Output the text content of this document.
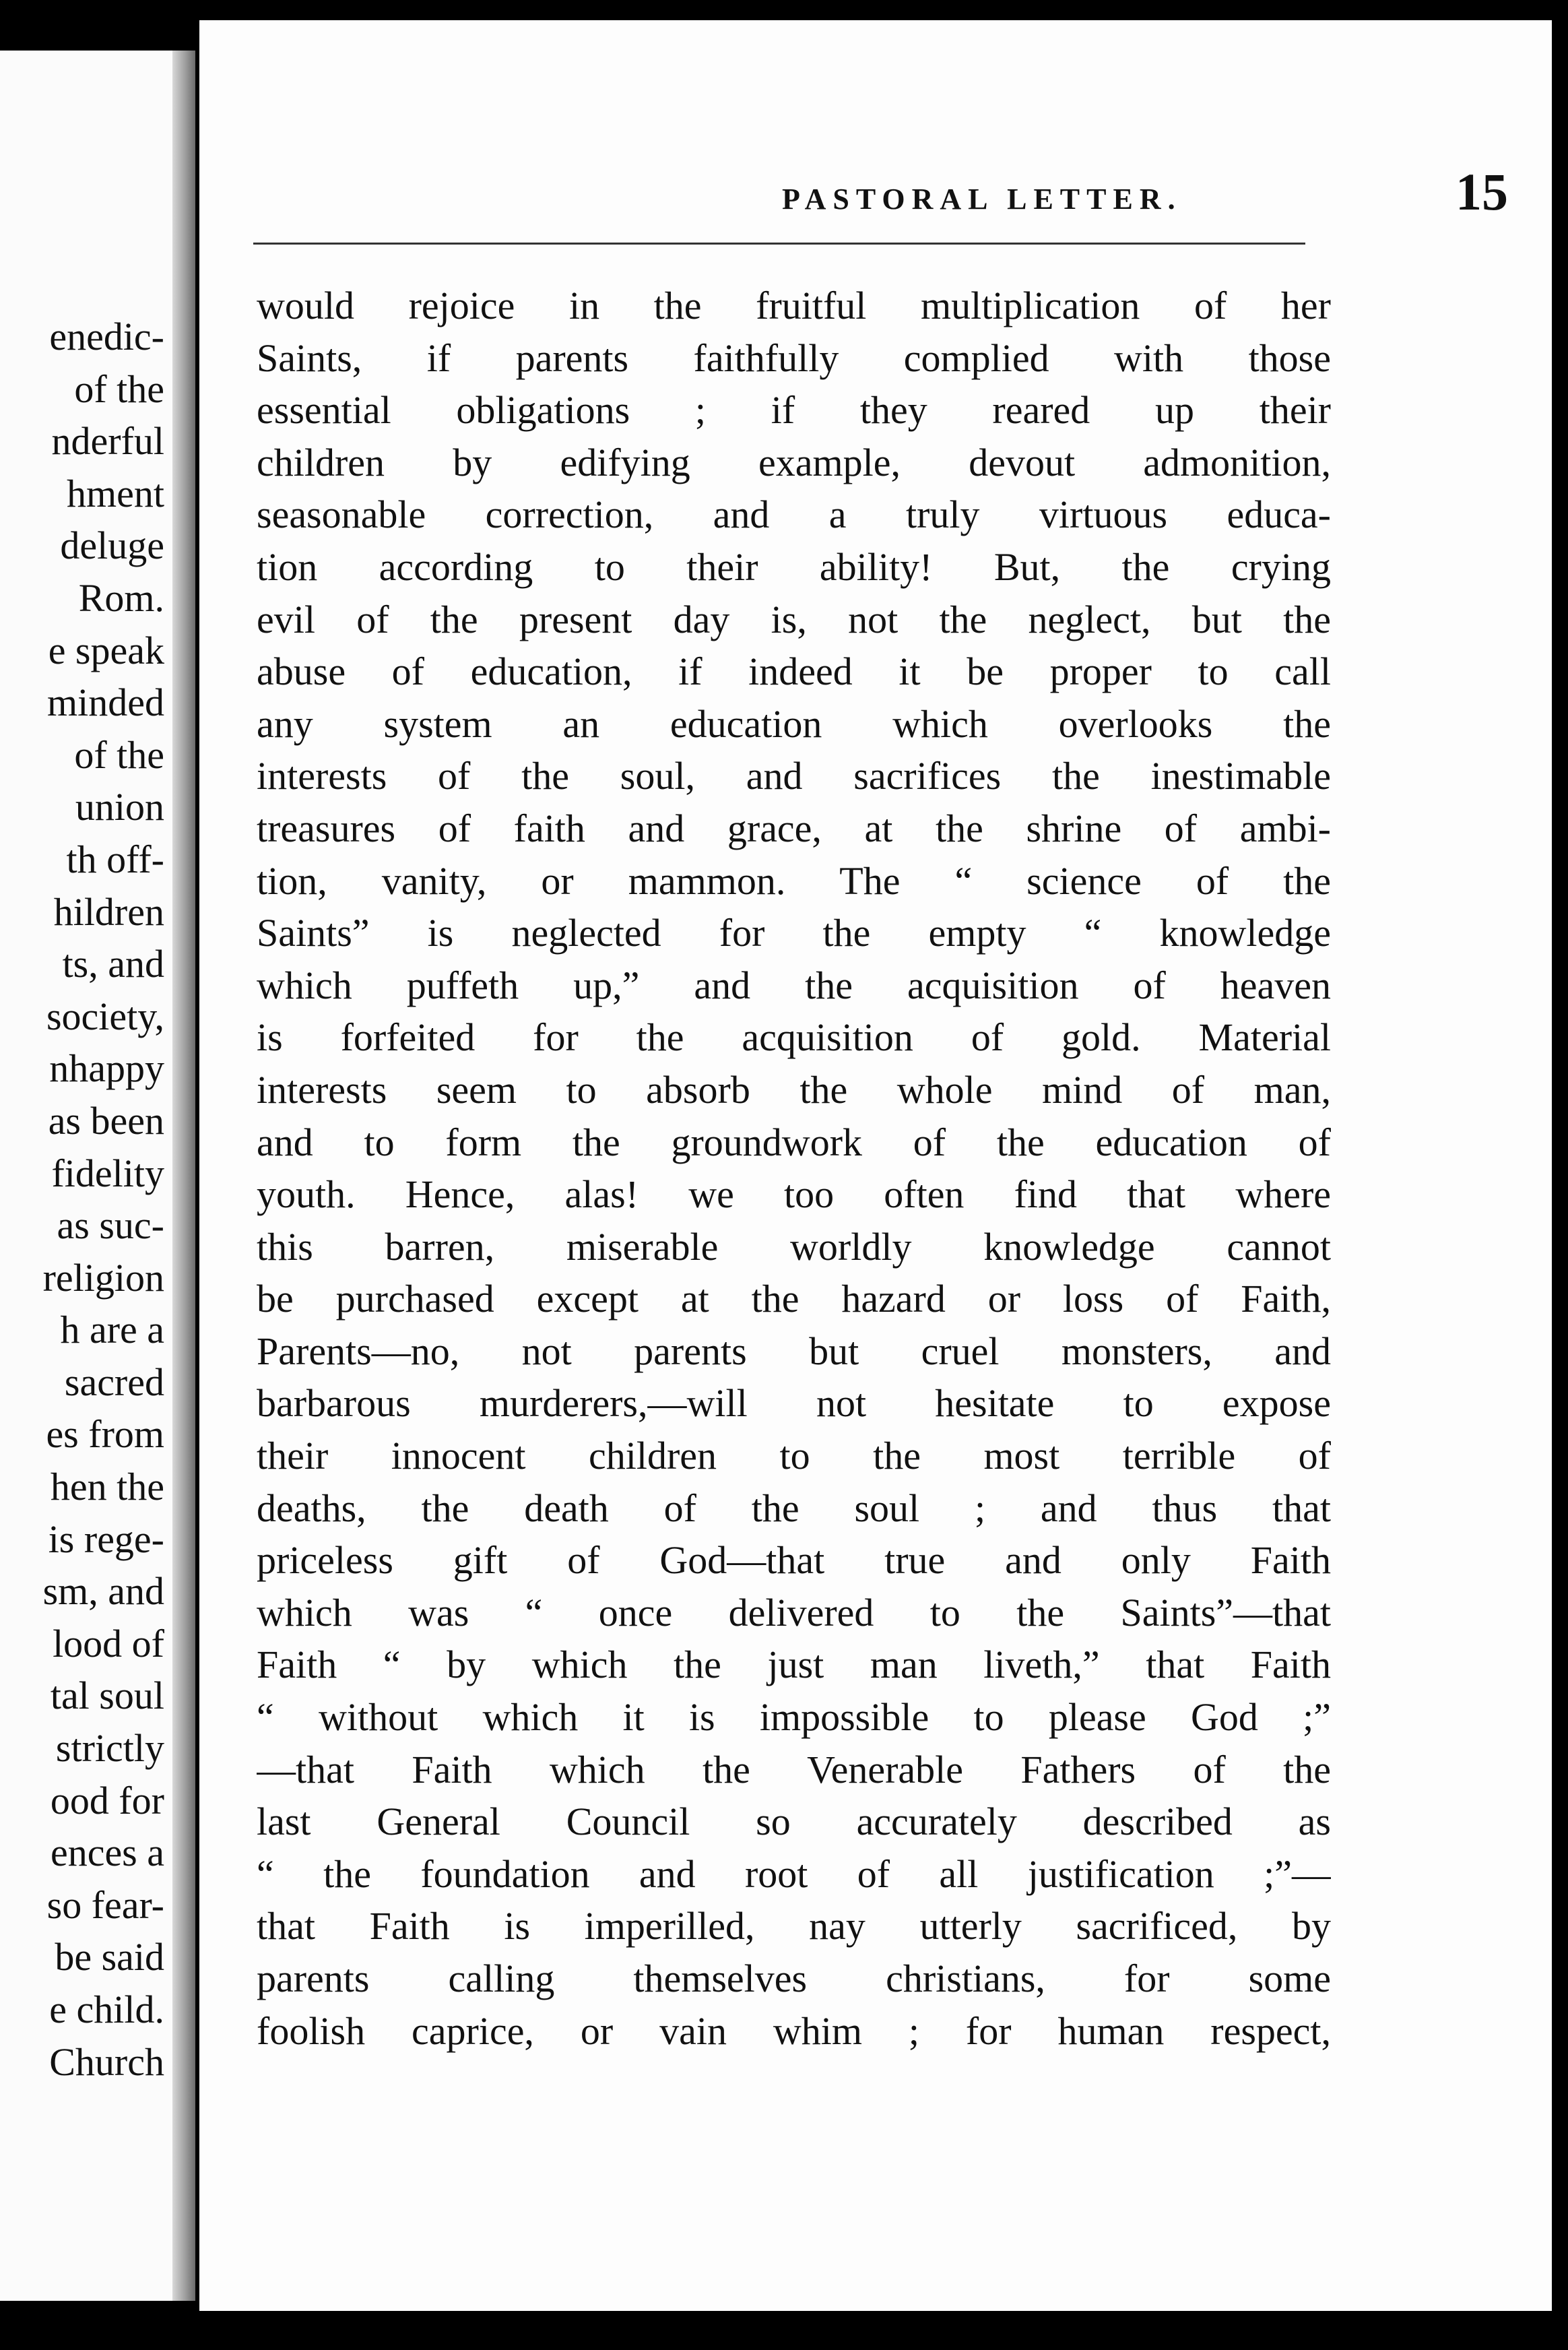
enedic-
of the
nderful
hment
deluge
Rom.
e speak
minded
of the
union
th off-
hildren
ts, and
society,
nhappy
as been
fidelity
as suc-
religion
h are a
sacred
es from
hen the
is rege-
sm, and
lood of
tal soul
strictly
ood for
ences a
so fear-
be said
e child.
Church
PASTORAL LETTER.	15
would rejoice in the fruitful multiplication of her
Saints, if parents faithfully complied with those
essential obligations ; if they reared up their
children by edifying example, devout admonition,
seasonable correction, and a truly virtuous educa-
tion according to their ability! But, the crying
evil of the present day is, not the neglect, but the
abuse of education, if indeed it be proper to call
any system an education which overlooks the
interests of the soul, and sacrifices the inestimable
treasures of faith and grace, at the shrine of ambi-
tion, vanity, or mammon. The “ science of the
Saints” is neglected for the empty “ knowledge
which puffeth up,” and the acquisition of heaven
is forfeited for the acquisition of gold. Material
interests seem to absorb the whole mind of man,
and to form the groundwork of the education of
youth. Hence, alas! we too often find that where
this barren, miserable worldly knowledge cannot
be purchased except at the hazard or loss of Faith,
Parents—no, not parents but cruel monsters, and
barbarous murderers,—will not hesitate to expose
their innocent children to the most terrible of
deaths, the death of the soul ; and thus that
priceless gift of God—that true and only Faith
which was “ once delivered to the Saints”—that
Faith “ by which the just man liveth,” that Faith
“ without which it is impossible to please God ;”
—that Faith which the Venerable Fathers of the
last General Council so accurately described as
“ the foundation and root of all justification ;”—
that Faith is imperilled, nay utterly sacrificed, by
parents calling themselves christians, for some
foolish caprice, or vain whim ; for human respect,
